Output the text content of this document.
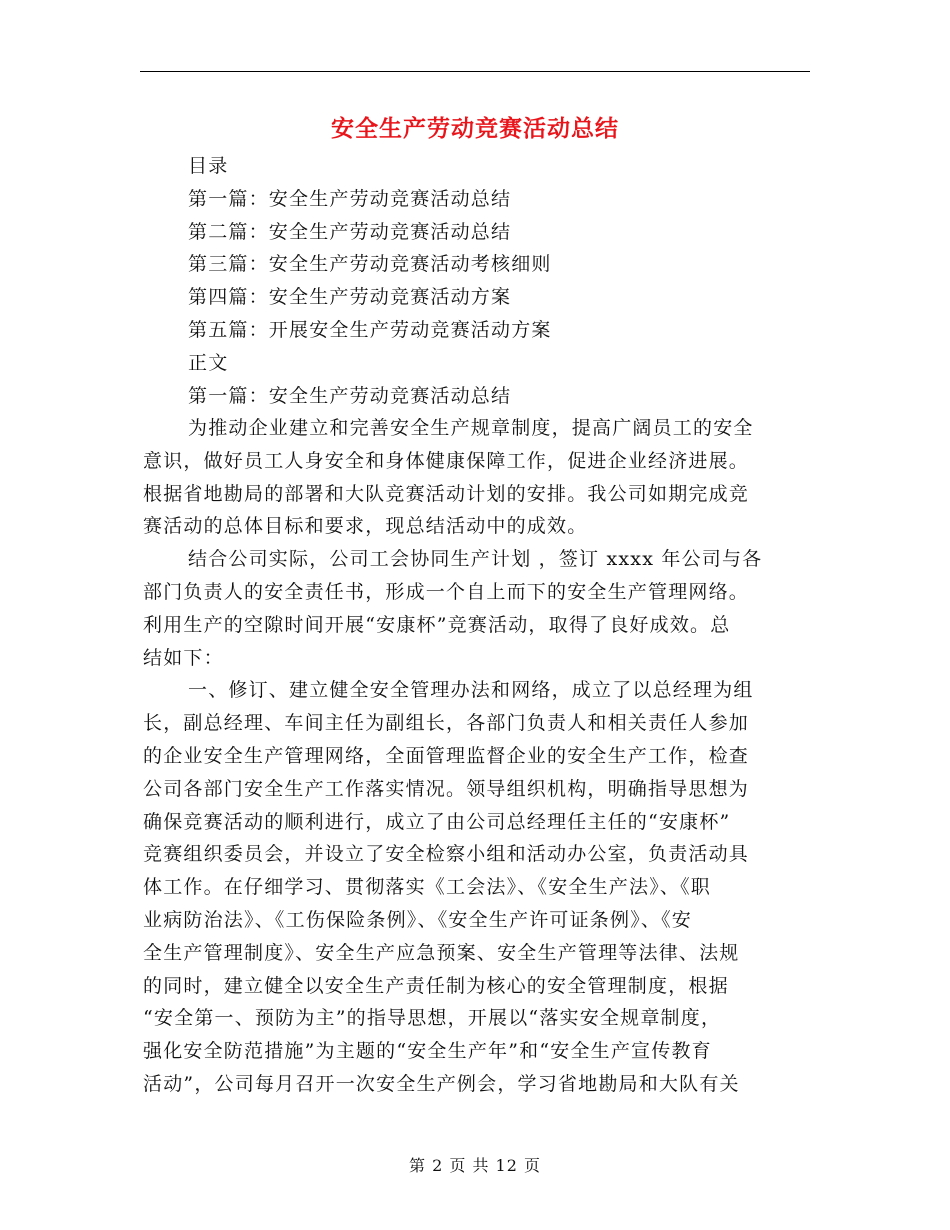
安全生产劳动竞赛活动总结
目录
第一篇：安全生产劳动竞赛活动总结
第二篇：安全生产劳动竞赛活动总结
第三篇：安全生产劳动竞赛活动考核细则
第四篇：安全生产劳动竞赛活动方案
第五篇：开展安全生产劳动竞赛活动方案
正文
第一篇：安全生产劳动竞赛活动总结
为推动企业建立和完善安全生产规章制度，提高广阔员工的安全
意识，做好员工人身安全和身体健康保障工作，促进企业经济进展。
根据省地勘局的部署和大队竞赛活动计划的安排。我公司如期完成竞
赛活动的总体目标和要求，现总结活动中的成效。
结合公司实际，公司工会协同生产计划 ，签订 xxxx 年公司与各
部门负责人的安全责任书，形成一个自上而下的安全生产管理网络。
利用生产的空隙时间开展“安康杯”竞赛活动，取得了良好成效。总
结如下：
一、修订、建立健全安全管理办法和网络，成立了以总经理为组
长，副总经理、车间主任为副组长，各部门负责人和相关责任人参加
的企业安全生产管理网络，全面管理监督企业的安全生产工作，检查
公司各部门安全生产工作落实情况。领导组织机构，明确指导思想为
确保竞赛活动的顺利进行，成立了由公司总经理任主任的“安康杯”
竞赛组织委员会，并设立了安全检察小组和活动办公室，负责活动具
体工作。在仔细学习、贯彻落实《工会法》、《安全生产法》、《职
业病防治法》、《工伤保险条例》、《安全生产许可证条例》、《安
全生产管理制度》、安全生产应急预案、安全生产管理等法律、法规
的同时，建立健全以安全生产责任制为核心的安全管理制度，根据
“安全第一、预防为主”的指导思想，开展以“落实安全规章制度，
强化安全防范措施”为主题的“安全生产年”和“安全生产宣传教育
活动”，公司每月召开一次安全生产例会，学习省地勘局和大队有关
第 2 页 共 12 页
